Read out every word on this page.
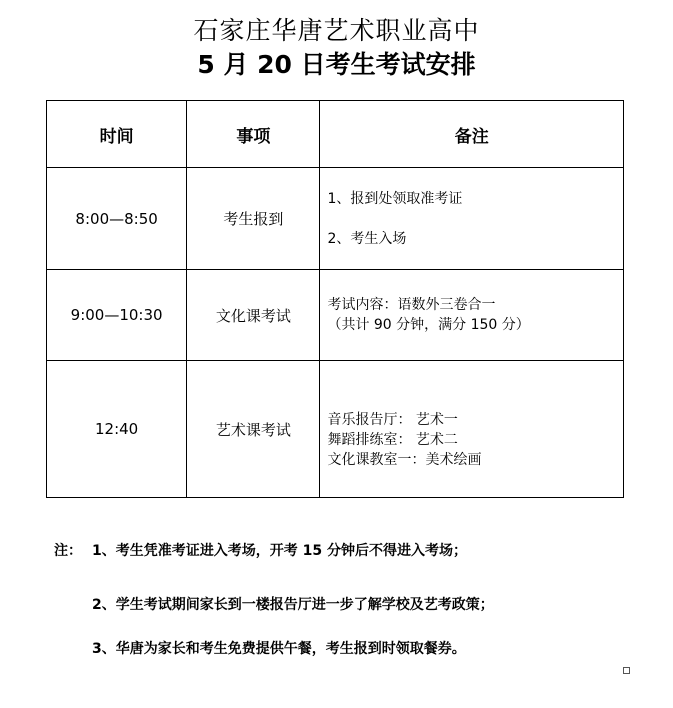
石家庄华唐艺术职业高中
5 月 20 日考生考试安排
时间	事项	备注
8:00—8:50	考生报到	1、报到处领取准考证
2、考生入场

9:00—10:30	文化课考试	考试内容：语数外三卷合一
（共计 90 分钟，满分 150 分）

12:40	艺术课考试	音乐报告厅： 艺术一
舞蹈排练室： 艺术二
文化课教室一：美术绘画
注： 1、考生凭准考证进入考场，开考 15 分钟后不得进入考场；
2、学生考试期间家长到一楼报告厅进一步了解学校及艺考政策；
3、华唐为家长和考生免费提供午餐，考生报到时领取餐券。
